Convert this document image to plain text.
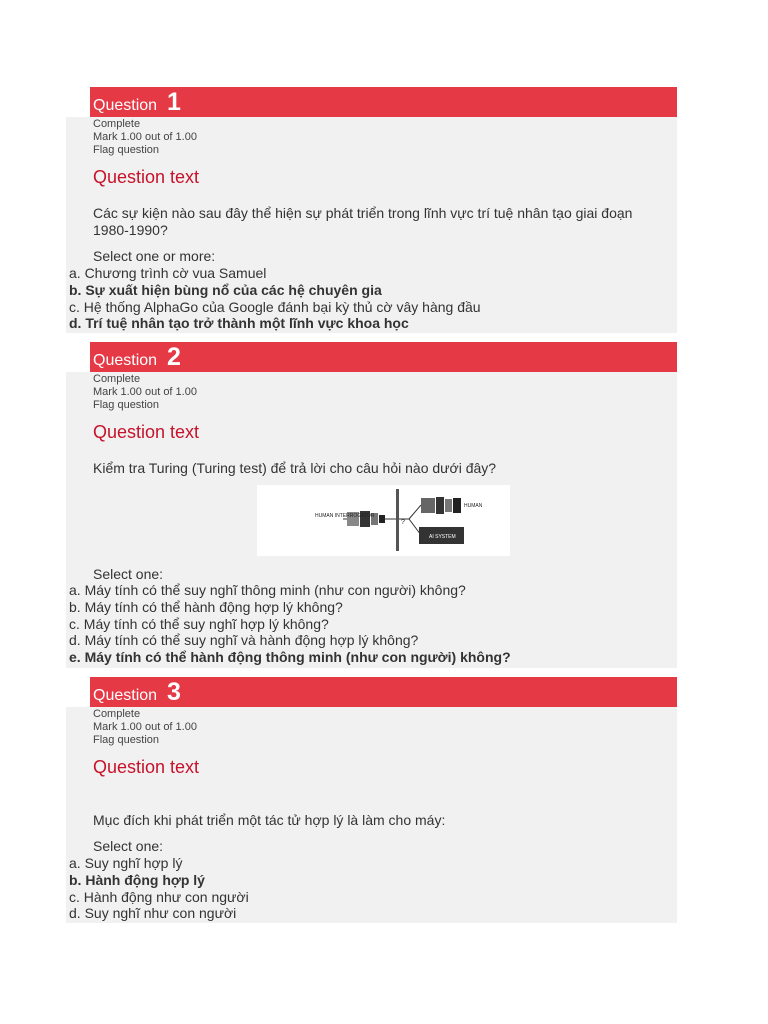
Question 1
Complete
Mark 1.00 out of 1.00
Flag question
Question text
Các sự kiện nào sau đây thể hiện sự phát triển trong lĩnh vực trí tuệ nhân tạo giai đoạn 1980-1990?
Select one or more:
a. Chương trình cờ vua Samuel
b. Sự xuất hiện bùng nổ của các hệ chuyên gia
c. Hệ thống AlphaGo của Google đánh bại kỳ thủ cờ vây hàng đầu
d. Trí tuệ nhân tạo trở thành một lĩnh vực khoa học
Question 2
Complete
Mark 1.00 out of 1.00
Flag question
Question text
Kiểm tra Turing (Turing test) để trả lời cho câu hỏi nào dưới đây?
HUMAN INTERROGATOR
?
HUMAN
AI SYSTEM
Select one:
a. Máy tính có thể suy nghĩ thông minh (như con người) không?
b. Máy tính có thể hành động hợp lý không?
c. Máy tính có thể suy nghĩ hợp lý không?
d. Máy tính có thể suy nghĩ và hành động hợp lý không?
e. Máy tính có thể hành động thông minh (như con người) không?
Question 3
Complete
Mark 1.00 out of 1.00
Flag question
Question text
Mục đích khi phát triển một tác tử hợp lý là làm cho máy:
Select one:
a. Suy nghĩ hợp lý
b. Hành động hợp lý
c. Hành động như con người
d. Suy nghĩ như con người
